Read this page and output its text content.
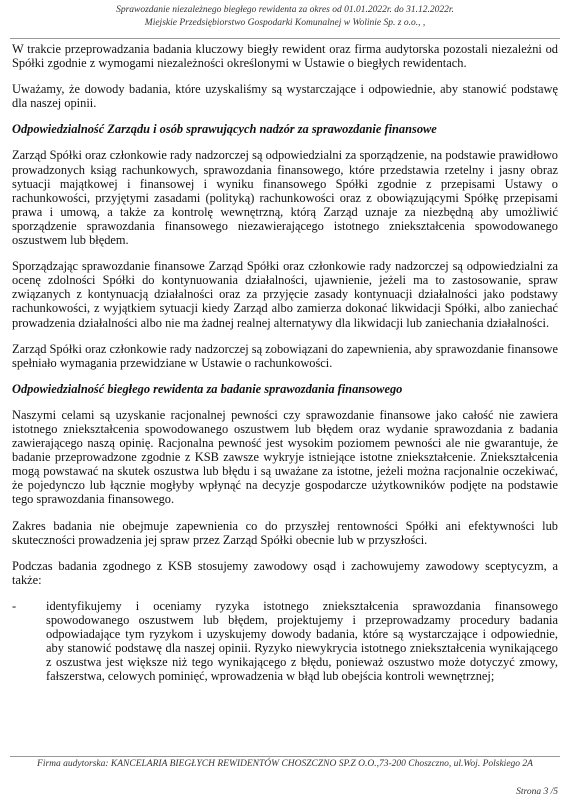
Sprawozdanie niezależnego biegłego rewidenta za okres od 01.01.2022r. do 31.12.2022r.
Miejskie Przedsiębiorstwo Gospodarki Komunalnej w Wolinie Sp. z o.o., ,

W trakcie przeprowadzania badania kluczowy biegły rewident oraz firma audytorska pozostali niezależni od Spółki zgodnie z wymogami niezależności określonymi w Ustawie o biegłych rewidentach.

Uważamy, że dowody badania, które uzyskaliśmy są wystarczające i odpowiednie, aby stanowić podstawę dla naszej opinii.

Odpowiedzialność Zarządu i osób sprawujących nadzór za sprawozdanie finansowe

Zarząd Spółki oraz członkowie rady nadzorczej są odpowiedzialni za sporządzenie, na podstawie prawidłowo prowadzonych ksiąg rachunkowych, sprawozdania finansowego, które przedstawia rzetelny i jasny obraz sytuacji majątkowej i finansowej i wyniku finansowego Spółki zgodnie z przepisami Ustawy o rachunkowości, przyjętymi zasadami (polityką) rachunkowości oraz z obowiązującymi Spółkę przepisami prawa i umową, a także za kontrolę wewnętrzną, którą Zarząd uznaje za niezbędną aby umożliwić sporządzenie sprawozdania finansowego niezawierającego istotnego zniekształcenia spowodowanego oszustwem lub błędem.

Sporządzając sprawozdanie finansowe Zarząd Spółki oraz członkowie rady nadzorczej są odpowiedzialni za ocenę zdolności Spółki do kontynuowania działalności, ujawnienie, jeżeli ma to zastosowanie, spraw związanych z kontynuacją działalności oraz za przyjęcie zasady kontynuacji działalności jako podstawy rachunkowości, z wyjątkiem sytuacji kiedy Zarząd albo zamierza dokonać likwidacji Spółki, albo zaniechać prowadzenia działalności albo nie ma żadnej realnej alternatywy dla likwidacji lub zaniechania działalności.

Zarząd Spółki oraz członkowie rady nadzorczej są zobowiązani do zapewnienia, aby sprawozdanie finansowe spełniało wymagania przewidziane w Ustawie o rachunkowości.

Odpowiedzialność biegłego rewidenta za badanie sprawozdania finansowego

Naszymi celami są uzyskanie racjonalnej pewności czy sprawozdanie finansowe jako całość nie zawiera istotnego zniekształcenia spowodowanego oszustwem lub błędem oraz wydanie sprawozdania z badania zawierającego naszą opinię. Racjonalna pewność jest wysokim poziomem pewności ale nie gwarantuje, że badanie przeprowadzone zgodnie z KSB zawsze wykryje istniejące istotne zniekształcenie. Zniekształcenia mogą powstawać na skutek oszustwa lub błędu i są uważane za istotne, jeżeli można racjonalnie oczekiwać, że pojedynczo lub łącznie mogłyby wpłynąć na decyzje gospodarcze użytkowników podjęte na podstawie tego sprawozdania finansowego.

Zakres badania nie obejmuje zapewnienia co do przyszłej rentowności Spółki ani efektywności lub skuteczności prowadzenia jej spraw przez Zarząd Spółki obecnie lub w przyszłości.

Podczas badania zgodnego z KSB stosujemy zawodowy osąd i zachowujemy zawodowy sceptycyzm, a także:

-	identyfikujemy i oceniamy ryzyka istotnego zniekształcenia sprawozdania finansowego spowodowanego oszustwem lub błędem, projektujemy i przeprowadzamy procedury badania odpowiadające tym ryzykom i uzyskujemy dowody badania, które są wystarczające i odpowiednie, aby stanowić podstawę dla naszej opinii. Ryzyko niewykrycia istotnego zniekształcenia wynikającego z oszustwa jest większe niż tego wynikającego z błędu, ponieważ oszustwo może dotyczyć zmowy, fałszerstwa, celowych pominięć, wprowadzenia w błąd lub obejścia kontroli wewnętrznej;
Firma audytorska: KANCELARIA BIEGŁYCH REWIDENTÓW CHOSZCZNO SP.Z O.O.,73-200 Choszczno, ul.Woj. Polskiego 2A
Strona 3 /5
